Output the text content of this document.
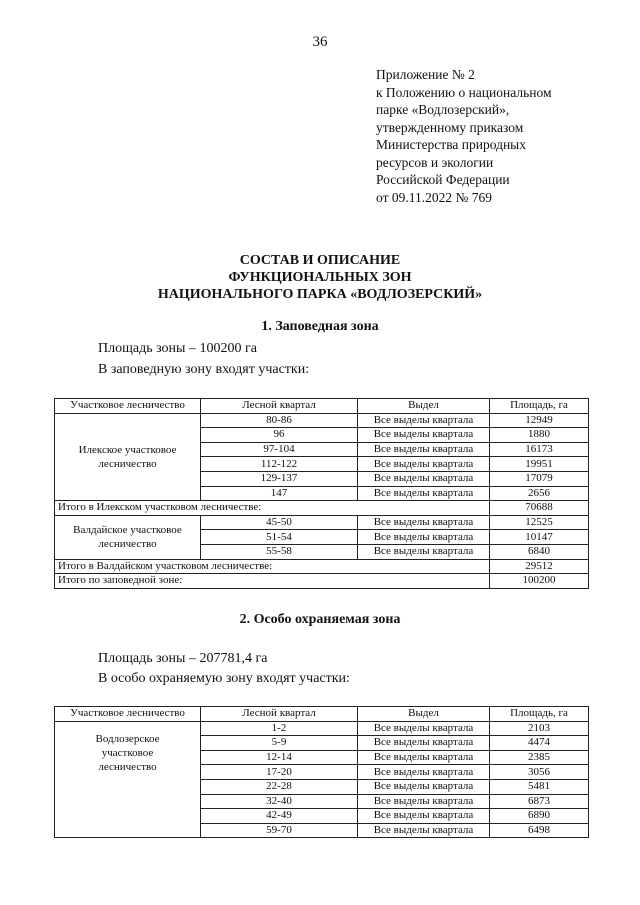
36
Приложение № 2
к Положению о национальном
парке «Водлозерский»,
утвержденному приказом
Министерства природных
ресурсов и экологии
Российской Федерации
от 09.11.2022 № 769
СОСТАВ И ОПИСАНИЕ
ФУНКЦИОНАЛЬНЫХ ЗОН
НАЦИОНАЛЬНОГО ПАРКА «ВОДЛОЗЕРСКИЙ»
1. Заповедная зона
Площадь зоны – 100200 га
В заповедную зону входят участки:
Участковое лесничество	Лесной квартал	Выдел	Площадь, га
Илекское участковое лесничество	80-86	Все выделы квартала	12949
	96	Все выделы квартала	1880
	97-104	Все выделы квартала	16173
	112-122	Все выделы квартала	19951
	129-137	Все выделы квартала	17079
	147	Все выделы квартала	2656
Итого в Илекском участковом лесничестве:			70688
Валдайское участковое лесничество	45-50	Все выделы квартала	12525
	51-54	Все выделы квартала	10147
	55-58	Все выделы квартала	6840
Итого в Валдайском участковом лесничестве:			29512
Итого по заповедной зоне:			100200
2. Особо охраняемая зона
Площадь зоны – 207781,4 га
В особо охраняемую зону входят участки:
Участковое лесничество	Лесной квартал	Выдел	Площадь, га
Водлозерское участковое лесничество	1-2	Все выделы квартала	2103
	5-9	Все выделы квартала	4474
	12-14	Все выделы квартала	2385
	17-20	Все выделы квартала	3056
	22-28	Все выделы квартала	5481
	32-40	Все выделы квартала	6873
	42-49	Все выделы квартала	6890
	59-70	Все выделы квартала	6498
